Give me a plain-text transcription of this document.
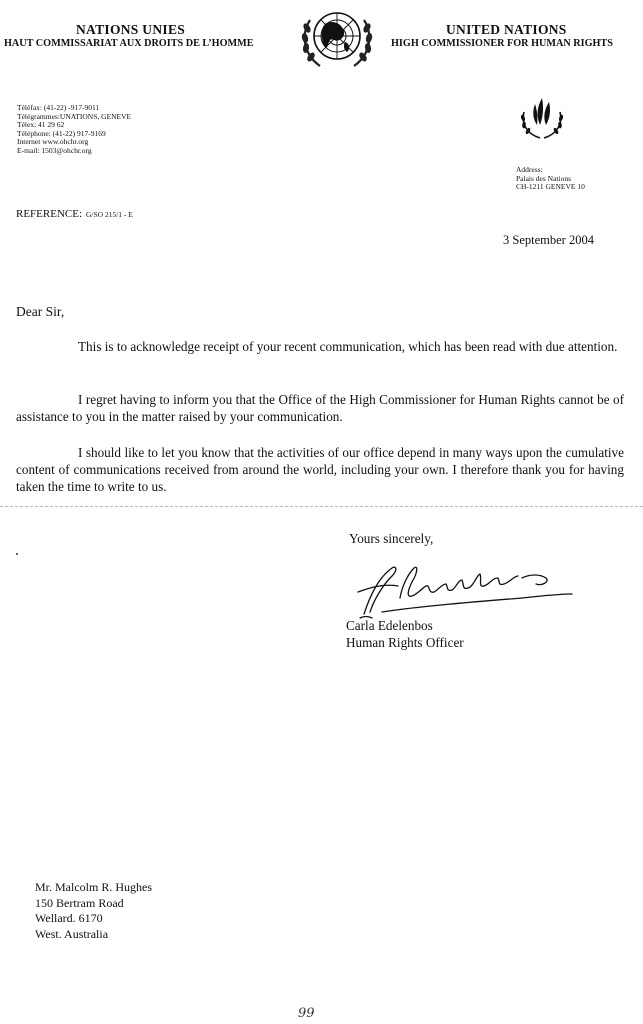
NATIONS UNIES
HAUT COMMISSARIAT AUX DROITS DE L’HOMME
UNITED NATIONS
HIGH COMMISSIONER FOR HUMAN RIGHTS
Téléfax: (41-22) -917-9011
Télégrammes:UNATIONS, GENEVE
Télex: 41 29 62
Téléphone: (41-22) 917-9169
Internet www.ohchr.org
E-mail: 1503@ohchr.org
Address:
Palais des Nations
CH-1211 GENEVE 10
REFERENCE: G/SO 215/1 - E
3 September 2004
Dear Sir,
This is to acknowledge receipt of your recent communication, which has been read with due attention.
I regret having to inform you that the Office of the High Commissioner for Human Rights cannot be of assistance to you in the matter raised by your communication.
I should like to let you know that the activities of our office depend in many ways upon the cumulative content of communications received from around the world, including your own. I therefore thank you for having taken the time to write to us.
Yours sincerely,
Carla Edelenbos
Human Rights Officer
Mr. Malcolm R. Hughes
150 Bertram Road
Wellard. 6170
West. Australia
99
